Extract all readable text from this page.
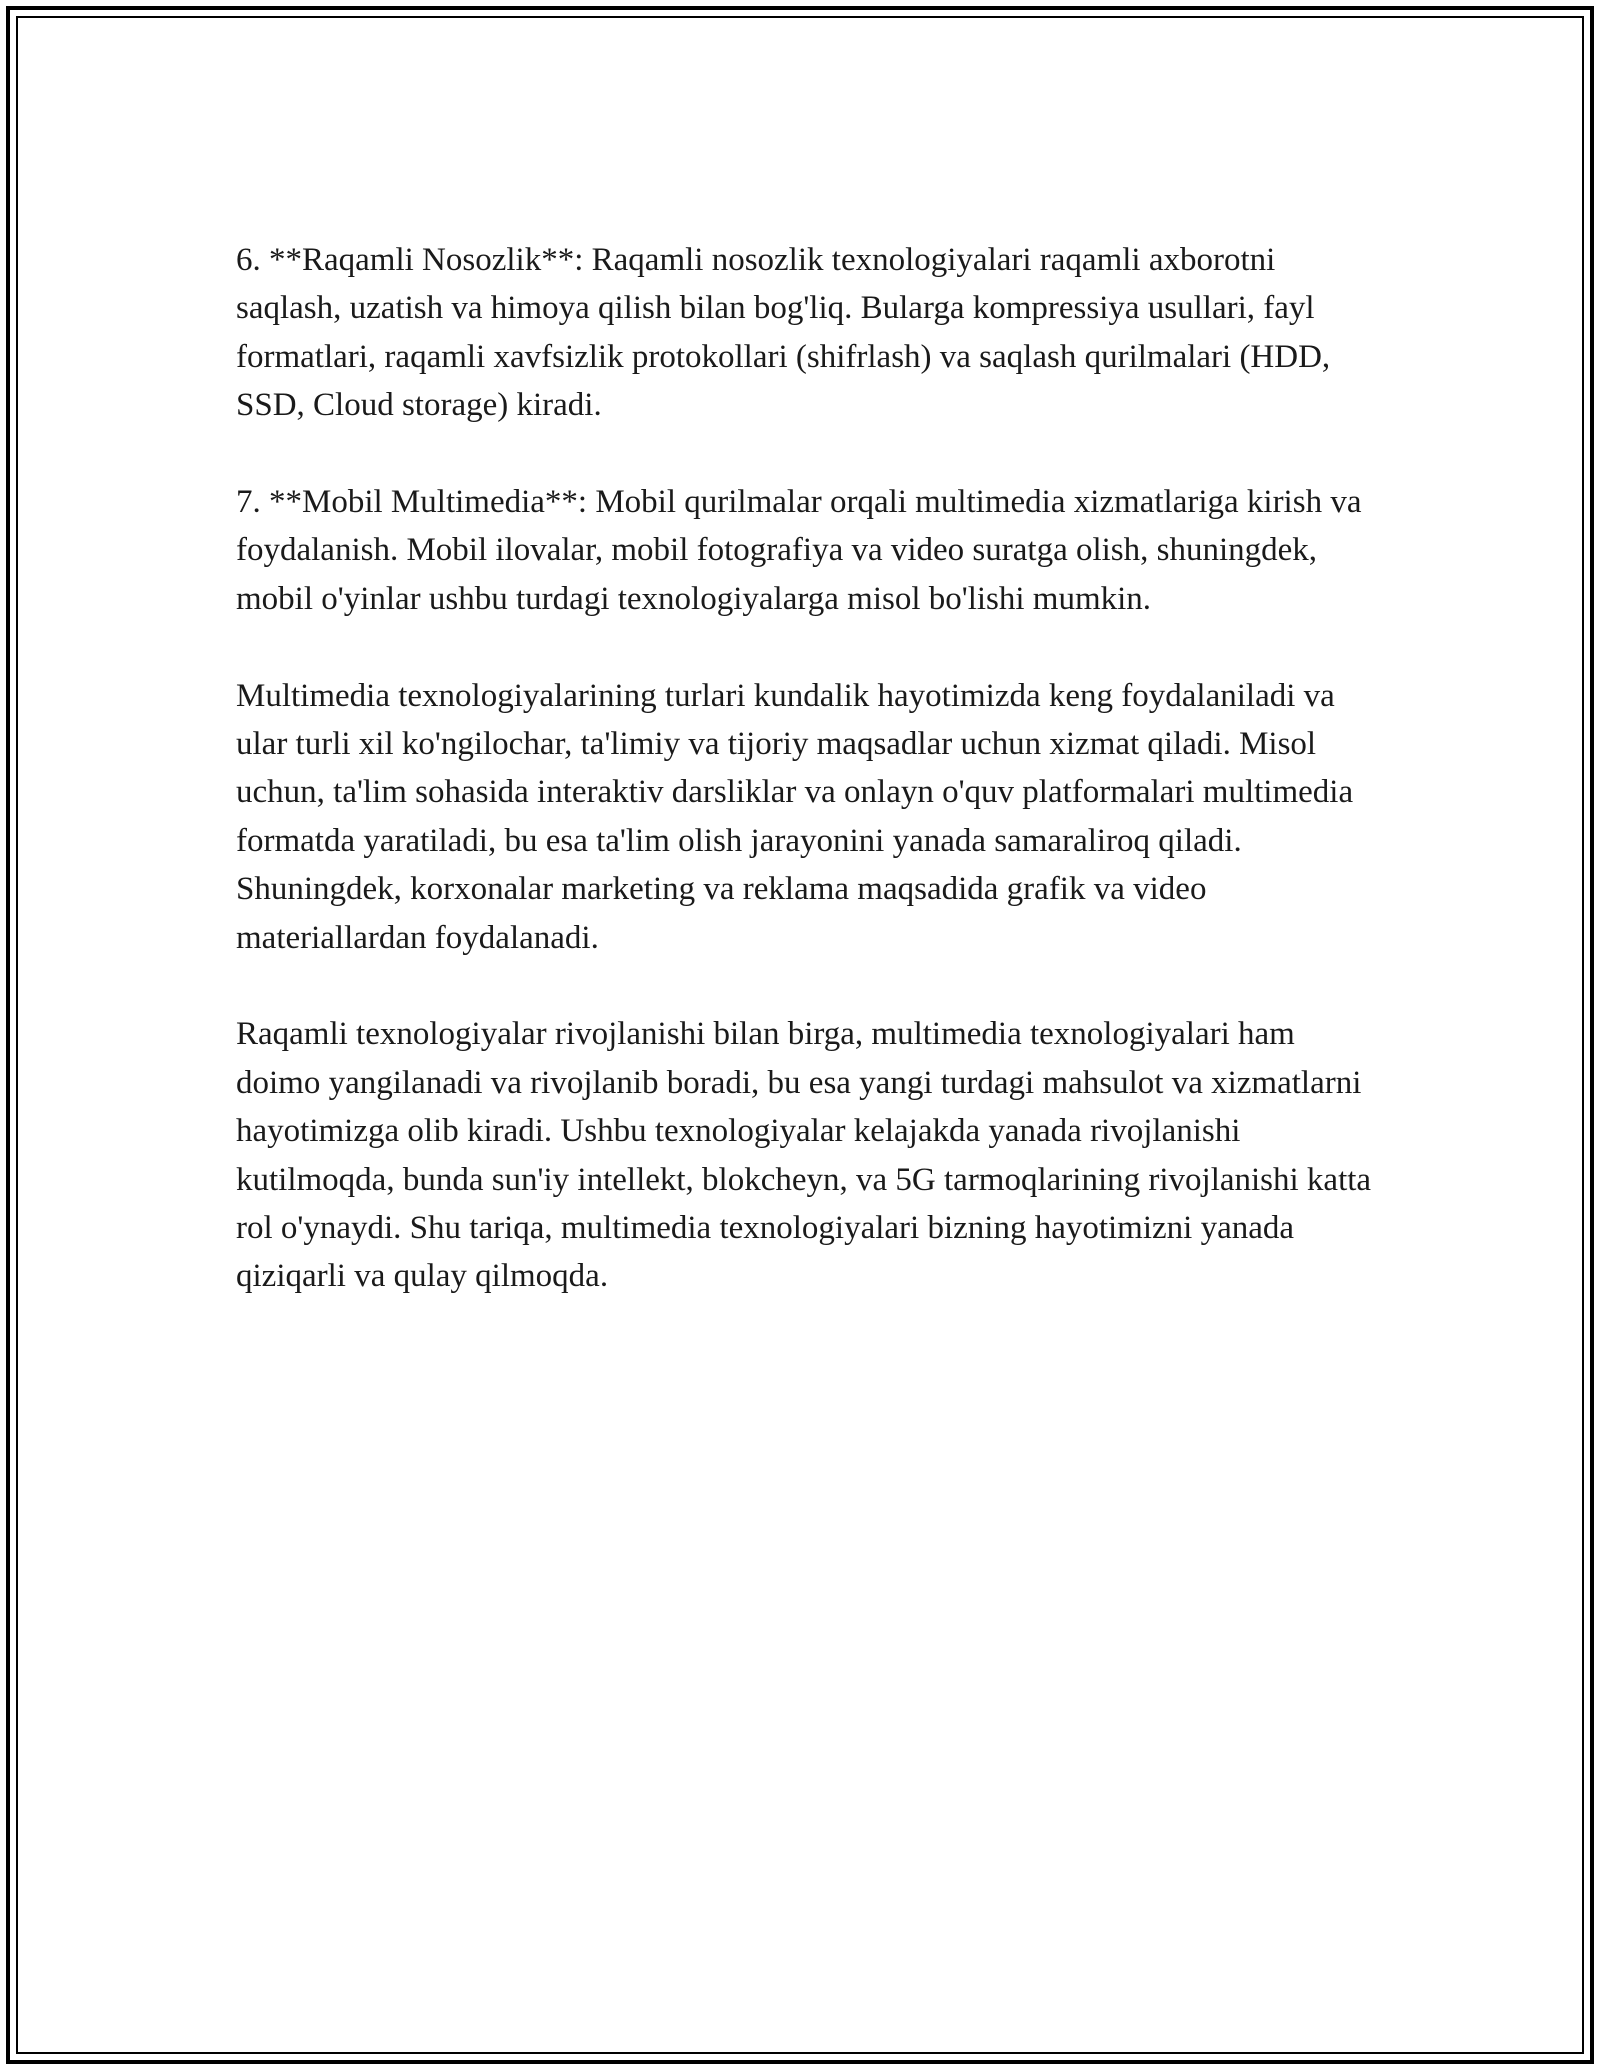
6. **Raqamli Nosozlik**: Raqamli nosozlik texnologiyalari raqamli axborotni saqlash, uzatish va himoya qilish bilan bog'liq. Bularga kompressiya usullari, fayl formatlari, raqamli xavfsizlik protokollari (shifrlash) va saqlash qurilmalari (HDD, SSD, Cloud storage) kiradi.

7. **Mobil Multimedia**: Mobil qurilmalar orqali multimedia xizmatlariga kirish va foydalanish. Mobil ilovalar, mobil fotografiya va video suratga olish, shuningdek, mobil o'yinlar ushbu turdagi texnologiyalarga misol bo'lishi mumkin.

Multimedia texnologiyalarining turlari kundalik hayotimizda keng foydalaniladi va ular turli xil ko'ngilochar, ta'limiy va tijoriy maqsadlar uchun xizmat qiladi. Misol uchun, ta'lim sohasida interaktiv darsliklar va onlayn o'quv platformalari multimedia formatda yaratiladi, bu esa ta'lim olish jarayonini yanada samaraliroq qiladi. Shuningdek, korxonalar marketing va reklama maqsadida grafik va video materiallardan foydalanadi.

Raqamli texnologiyalar rivojlanishi bilan birga, multimedia texnologiyalari ham doimo yangilanadi va rivojlanib boradi, bu esa yangi turdagi mahsulot va xizmatlarni hayotimizga olib kiradi. Ushbu texnologiyalar kelajakda yanada rivojlanishi kutilmoqda, bunda sun'iy intellekt, blokcheyn, va 5G tarmoqlarining rivojlanishi katta rol o'ynaydi. Shu tariqa, multimedia texnologiyalari bizning hayotimizni yanada qiziqarli va qulay qilmoqda.
